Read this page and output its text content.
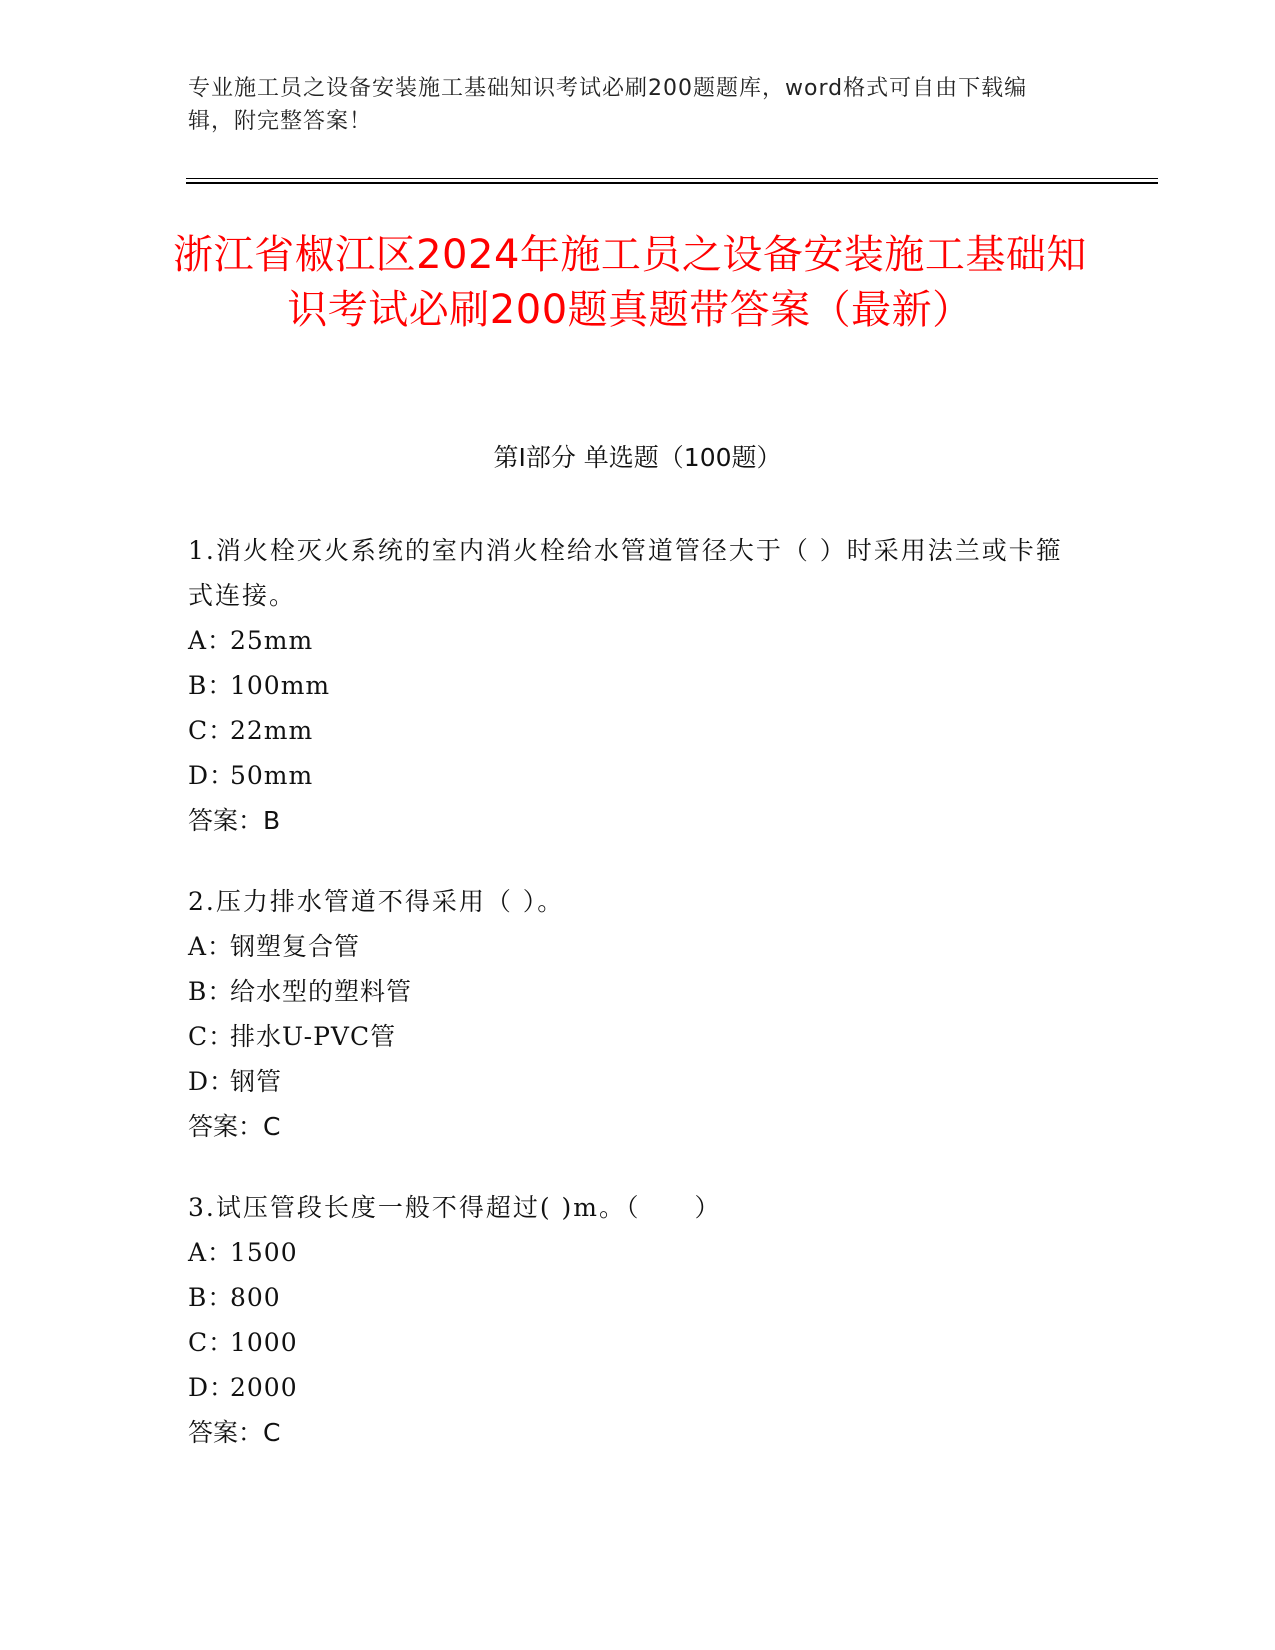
专业施工员之设备安装施工基础知识考试必刷200题题库，word格式可自由下载编辑，附完整答案！
浙江省椒江区2024年施工员之设备安装施工基础知识考试必刷200题真题带答案（最新）
第Ⅰ部分 单选题（100题）
1.消火栓灭火系统的室内消火栓给水管道管径大于（ ）时采用法兰或卡箍式连接。
A：25mm
B：100mm
C：22mm
D：50mm
答案：B
2.压力排水管道不得采用（ ）。
A：钢塑复合管
B：给水型的塑料管
C：排水U-PVC管
D：钢管
答案：C
3.试压管段长度一般不得超过( )m。（　　）
A：1500
B：800
C：1000
D：2000
答案：C
